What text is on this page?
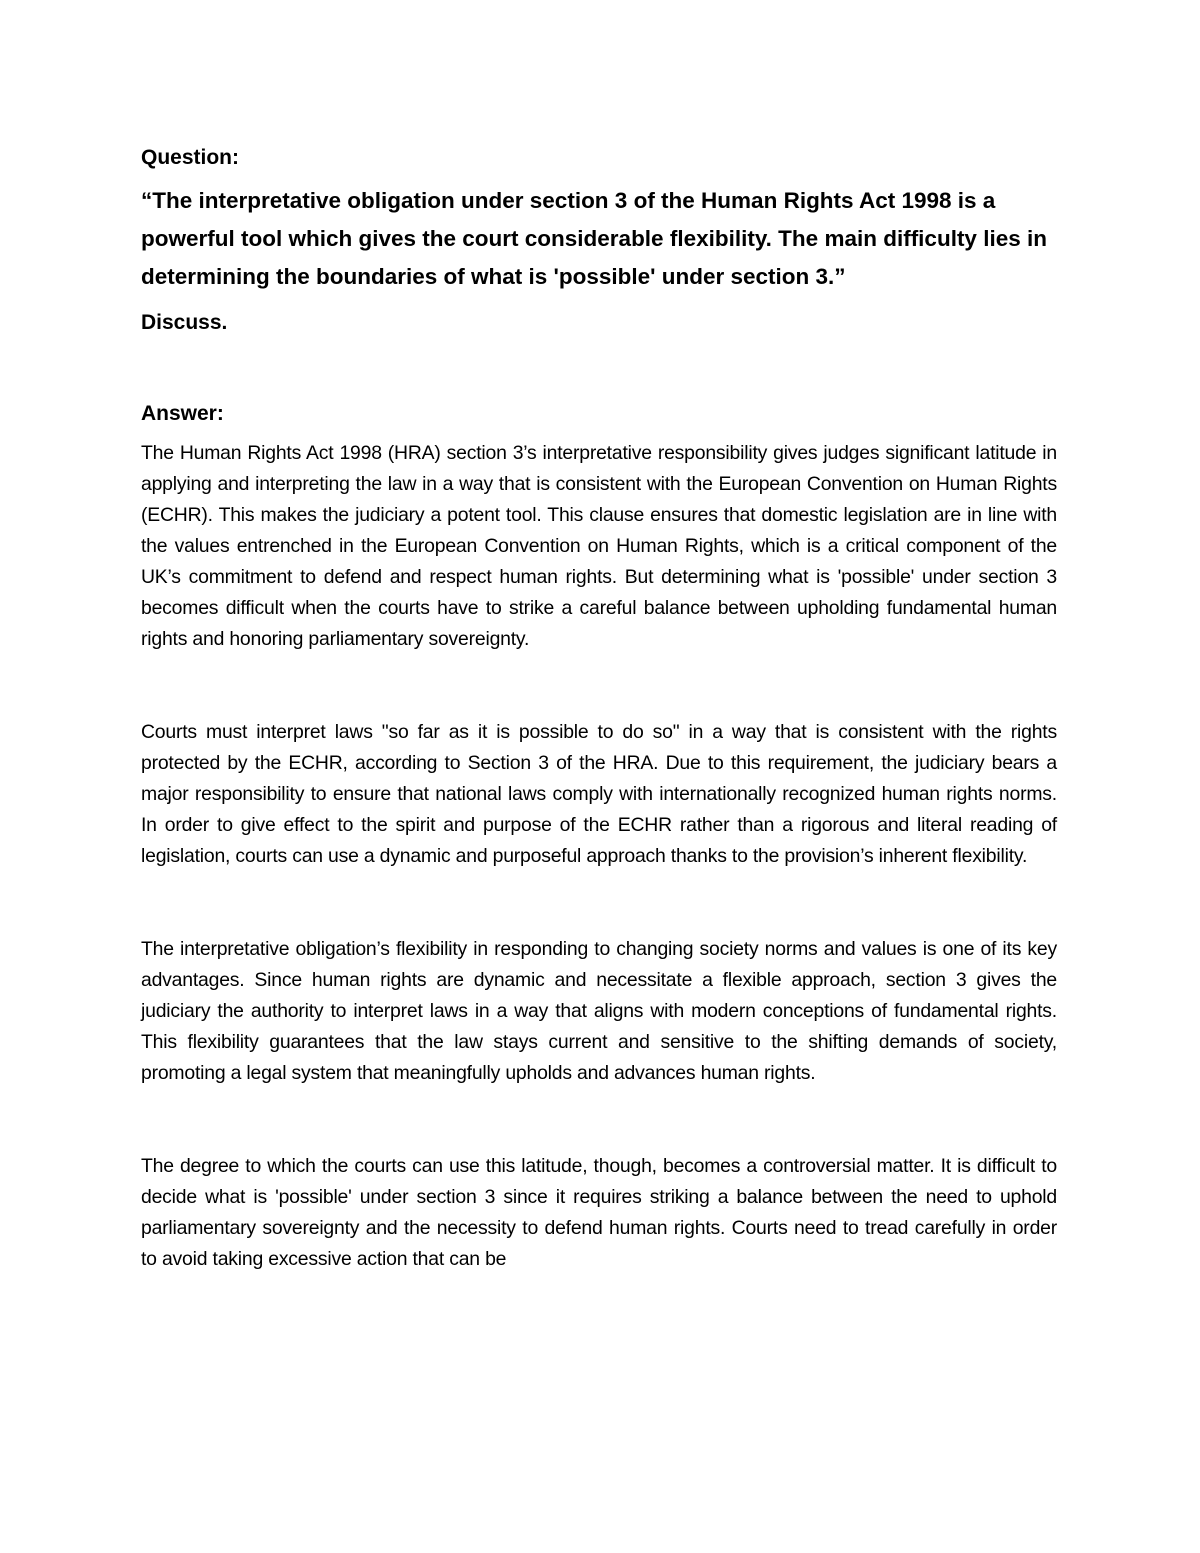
Question:
“The interpretative obligation under section 3 of the Human Rights Act 1998 is a powerful tool which gives the court considerable flexibility. The main difficulty lies in determining the boundaries of what is 'possible' under section 3.”
Discuss.
Answer:

The Human Rights Act 1998 (HRA) section 3’s interpretative responsibility gives judges significant latitude in applying and interpreting the law in a way that is consistent with the European Convention on Human Rights (ECHR). This makes the judiciary a potent tool. This clause ensures that domestic legislation are in line with the values entrenched in the European Convention on Human Rights, which is a critical component of the UK’s commitment to defend and respect human rights. But determining what is 'possible' under section 3 becomes difficult when the courts have to strike a careful balance between upholding fundamental human rights and honoring parliamentary sovereignty.

Courts must interpret laws "so far as it is possible to do so" in a way that is consistent with the rights protected by the ECHR, according to Section 3 of the HRA. Due to this requirement, the judiciary bears a major responsibility to ensure that national laws comply with internationally recognized human rights norms. In order to give effect to the spirit and purpose of the ECHR rather than a rigorous and literal reading of legislation, courts can use a dynamic and purposeful approach thanks to the provision’s inherent flexibility.

The interpretative obligation’s flexibility in responding to changing society norms and values is one of its key advantages. Since human rights are dynamic and necessitate a flexible approach, section 3 gives the judiciary the authority to interpret laws in a way that aligns with modern conceptions of fundamental rights. This flexibility guarantees that the law stays current and sensitive to the shifting demands of society, promoting a legal system that meaningfully upholds and advances human rights.

The degree to which the courts can use this latitude, though, becomes a controversial matter. It is difficult to decide what is 'possible' under section 3 since it requires striking a balance between the need to uphold parliamentary sovereignty and the necessity to defend human rights. Courts need to tread carefully in order to avoid taking excessive action that can be
